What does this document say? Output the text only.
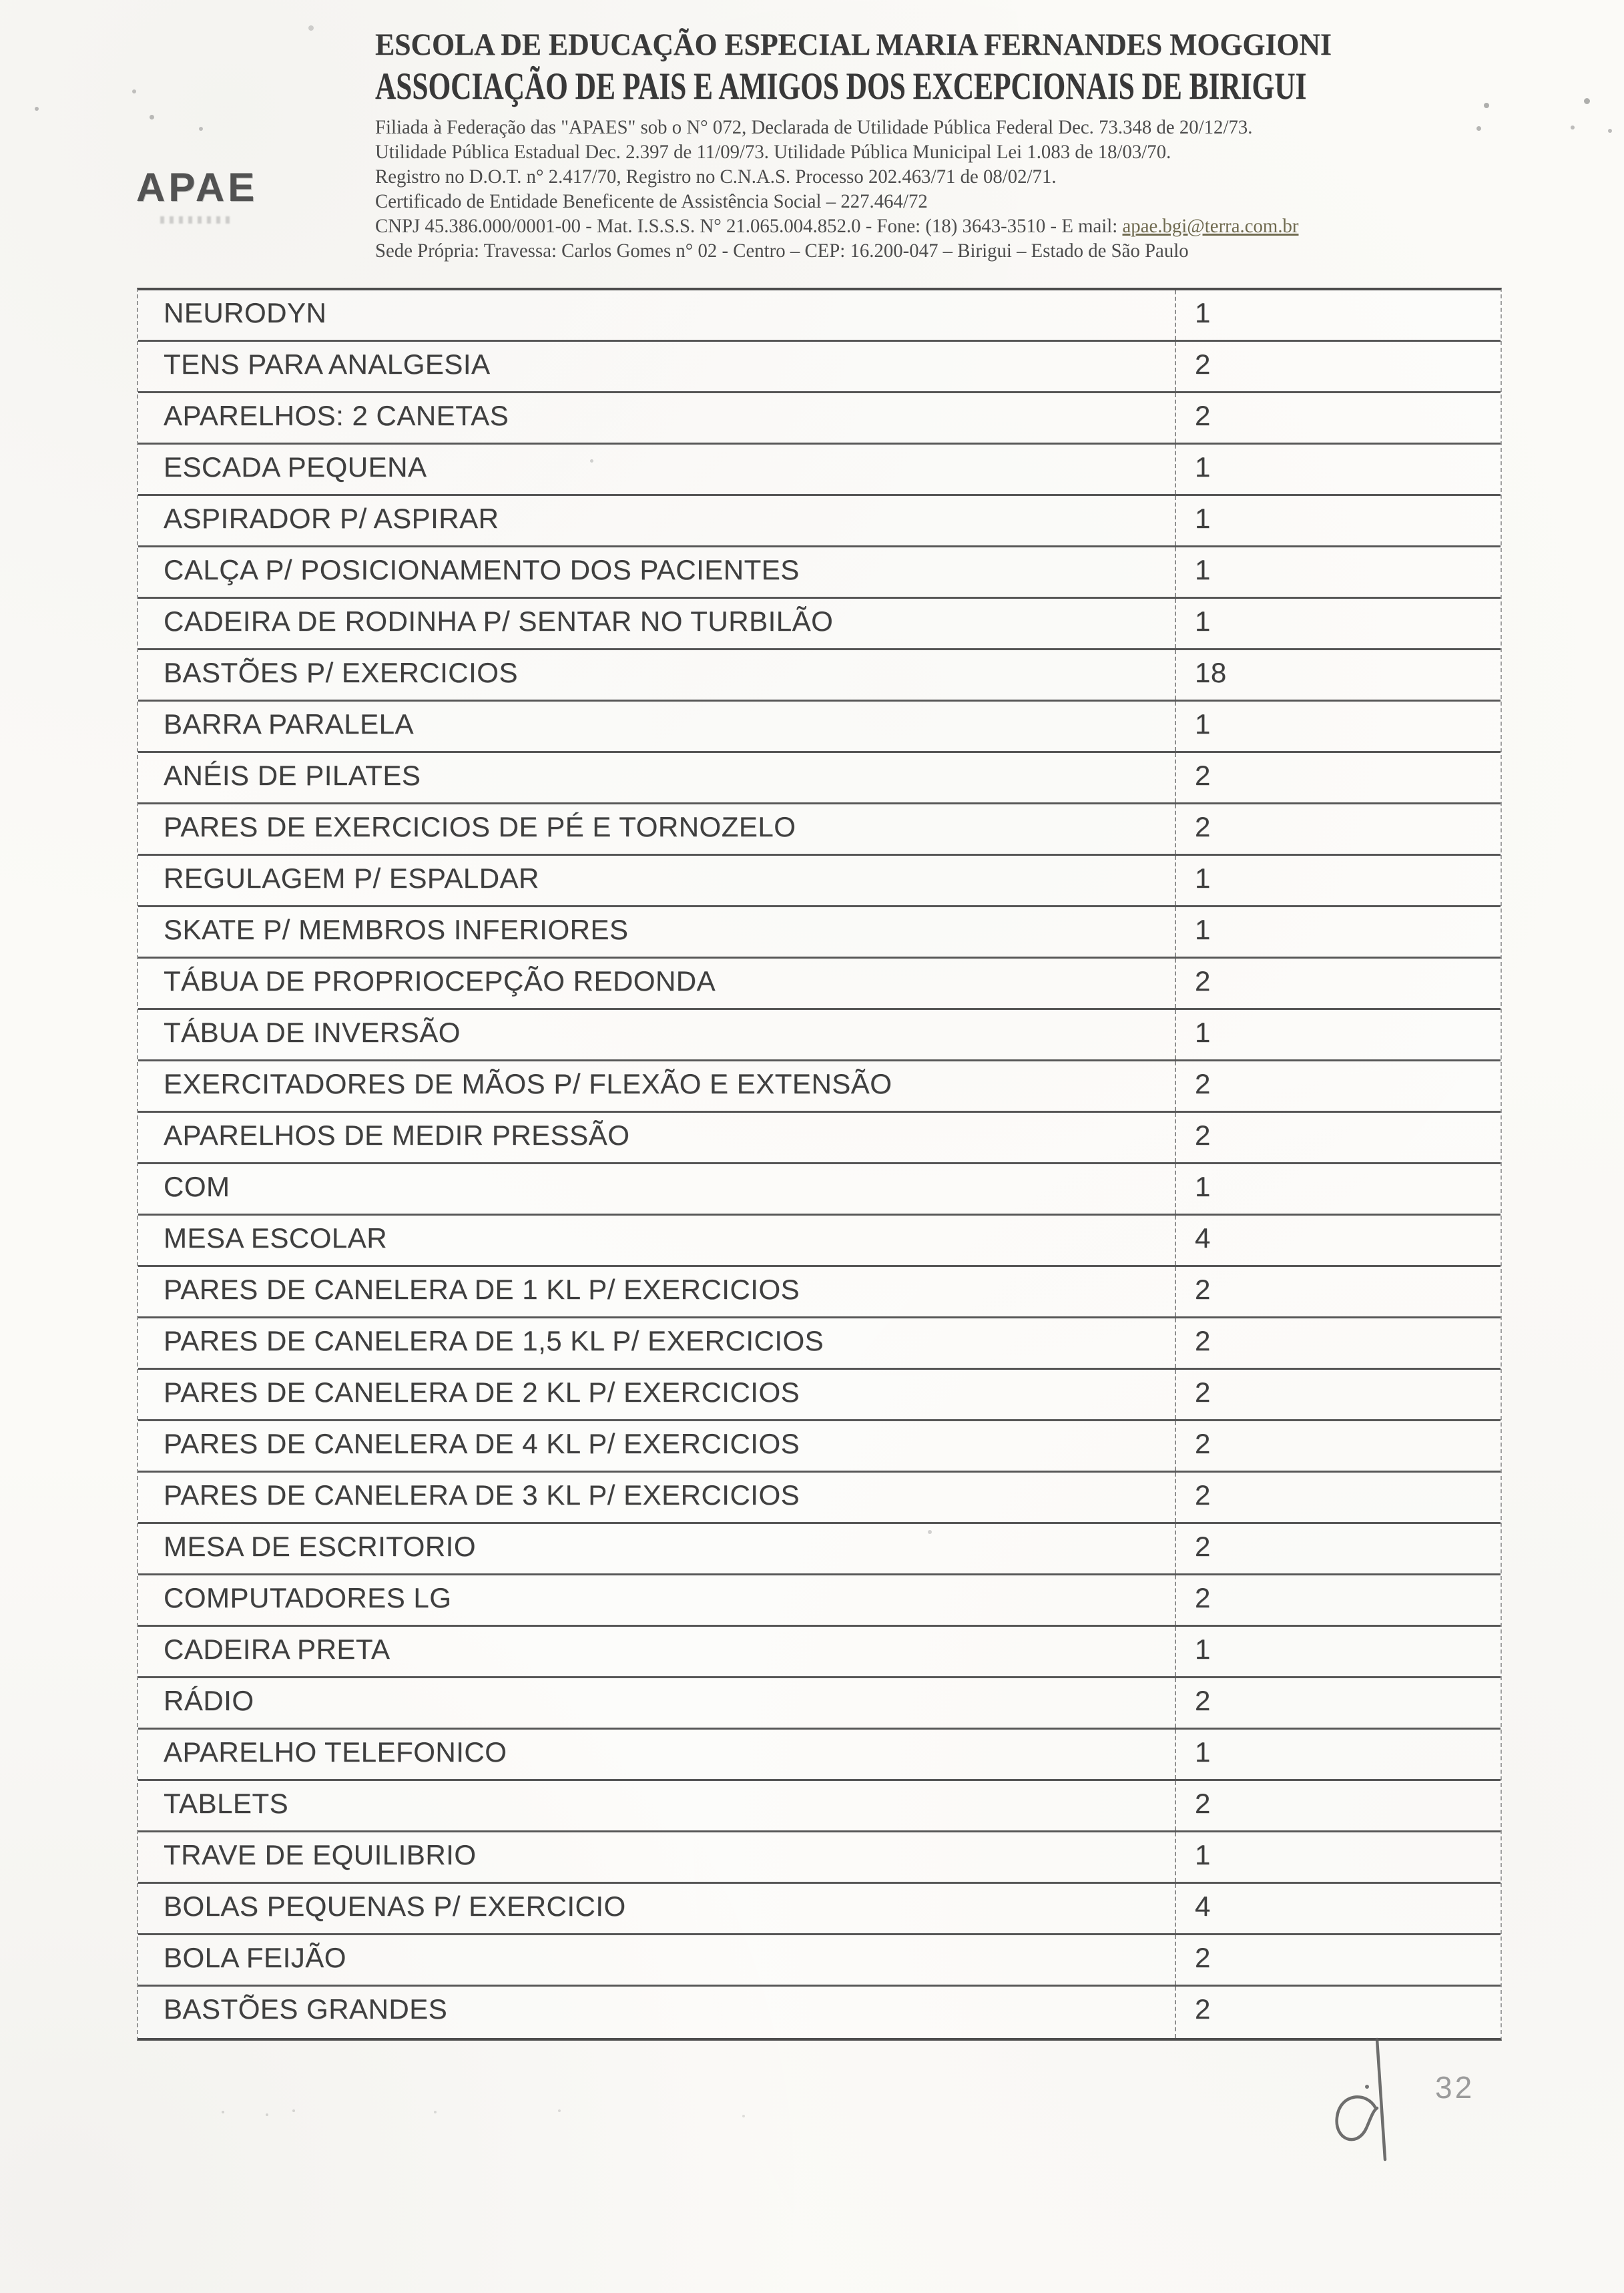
APAE
ESCOLA DE EDUCAÇÃO ESPECIAL MARIA FERNANDES MOGGIONI
ASSOCIAÇÃO DE PAIS E AMIGOS DOS EXCEPCIONAIS DE BIRIGUI
Filiada à Federação das "APAES" sob o N° 072, Declarada de Utilidade Pública Federal Dec. 73.348 de 20/12/73.
Utilidade Pública Estadual Dec. 2.397 de 11/09/73. Utilidade Pública Municipal Lei 1.083 de 18/03/70.
Registro no D.O.T. n° 2.417/70, Registro no C.N.A.S. Processo 202.463/71 de 08/02/71.
Certificado de Entidade Beneficente de Assistência Social – 227.464/72
CNPJ 45.386.000/0001-00 - Mat. I.S.S.S. N° 21.065.004.852.0 - Fone: (18) 3643-3510 - E mail: apae.bgi@terra.com.br
Sede Própria: Travessa: Carlos Gomes n° 02 - Centro – CEP: 16.200-047 – Birigui – Estado de São Paulo
NEURODYN	1
TENS PARA ANALGESIA	2
APARELHOS: 2 CANETAS	2
ESCADA PEQUENA	1
ASPIRADOR P/ ASPIRAR	1
CALÇA P/ POSICIONAMENTO DOS PACIENTES	1
CADEIRA DE RODINHA P/ SENTAR NO TURBILÃO	1
BASTÕES P/ EXERCICIOS	18
BARRA PARALELA	1
ANÉIS DE PILATES	2
PARES DE EXERCICIOS DE PÉ E TORNOZELO	2
REGULAGEM P/ ESPALDAR	1
SKATE P/ MEMBROS INFERIORES	1
TÁBUA DE PROPRIOCEPÇÃO REDONDA	2
TÁBUA DE INVERSÃO	1
EXERCITADORES DE MÃOS P/ FLEXÃO E EXTENSÃO	2
APARELHOS DE MEDIR PRESSÃO	2
COM	1
MESA ESCOLAR	4
PARES DE CANELERA DE 1 KL P/ EXERCICIOS	2
PARES DE CANELERA DE 1,5 KL P/ EXERCICIOS	2
PARES DE CANELERA DE 2 KL P/ EXERCICIOS	2
PARES DE CANELERA DE 4 KL P/ EXERCICIOS	2
PARES DE CANELERA DE 3 KL P/ EXERCICIOS	2
MESA DE ESCRITORIO	2
COMPUTADORES LG	2
CADEIRA PRETA	1
RÁDIO	2
APARELHO TELEFONICO	1
TABLETS	2
TRAVE DE EQUILIBRIO	1
BOLAS PEQUENAS P/ EXERCICIO	4
BOLA FEIJÃO	2
BASTÕES GRANDES	2
32
